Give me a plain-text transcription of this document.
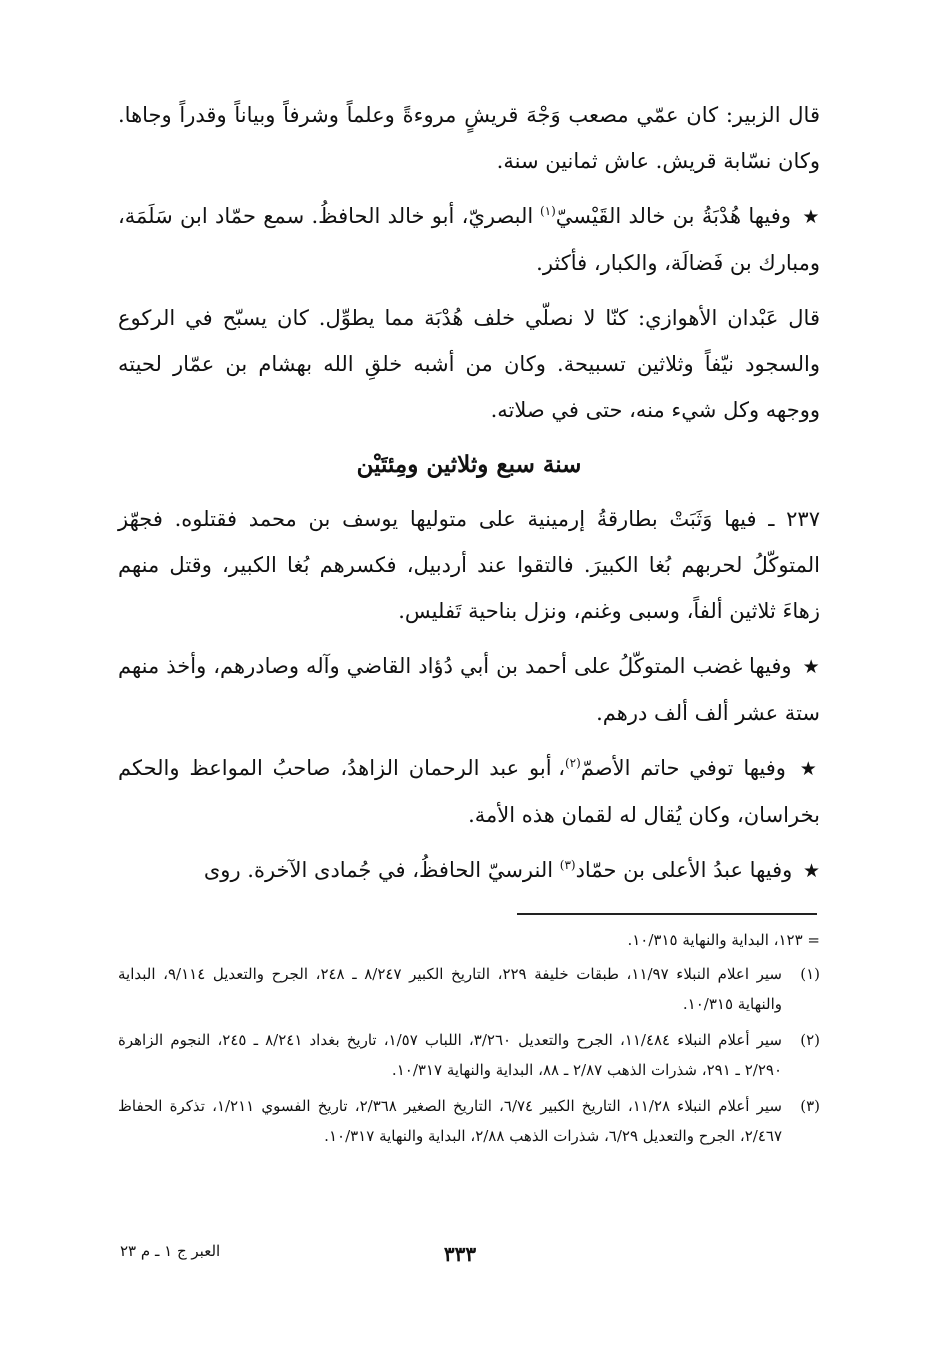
قال الزبير: كان عمّي مصعب وَجْهَ قريشٍ مروءةً وعلماً وشرفاً وبياناً وقدراً وجاها. وكان نسّابة قريش. عاش ثمانين سنة.

★ وفيها هُدْبَةُ بن خالد القَيْسيّ$^{(١)}$ البصريّ، أبو خالد الحافظُ. سمع حمّاد ابن سَلَمَة، ومبارك بن فَضالَة، والكبار، فأكثر.

قال عَبْدان الأهوازي: كنّا لا نصلّي خلف هُدْبَة مما يطوِّل. كان يسبّح في الركوع والسجود نيّفاً وثلاثين تسبيحة. وكان من أشبه خلقِ الله بهشام بن عمّار لحيته ووجهه وكل شيء منه، حتى في صلاته.

سنة سبع وثلاثين ومِئتَيْن

٢٣٧ ـ فيها وَثَبَتْ بطارقةُ إرمينية على متوليها يوسف بن محمد فقتلوه. فجهّز المتوكّلُ لحربهم بُغا الكبيرَ. فالتقوا عند أردبيل، فكسرهم بُغا الكبير، وقتل منهم زهاءَ ثلاثين ألفاً، وسبى وغنم، ونزل بناحية تَفليس.

★ وفيها غضب المتوكّلُ على أحمد بن أبي دُؤاد القاضي وآله وصادرهم، وأخذ منهم ستة عشر ألف ألف درهم.

★ وفيها توفي حاتم الأصمّ$^{(٢)}$، أبو عبد الرحمان الزاهدُ، صاحبُ المواعظ والحكم بخراسان، وكان يُقال له لقمان هذه الأمة.

★ وفيها عبدُ الأعلى بن حمّاد$^{(٣)}$ النرسيّ الحافظُ، في جُمادى الآخرة. روى

= ١٢٣، البداية والنهاية ١٠/٣١٥.
(١)
سير اعلام النبلاء ١١/٩٧، طبقات خليفة ٢٢٩، التاريخ الكبير ٨/٢٤٧ ـ ٢٤٨، الجرح والتعديل ٩/١١٤، البداية والنهاية ١٠/٣١٥.
(٢)
سير أعلام النبلاء ١١/٤٨٤، الجرح والتعديل ٣/٢٦٠، اللباب ١/٥٧، تاريخ بغداد ٨/٢٤١ ـ ٢٤٥، النجوم الزاهرة ٢/٢٩٠ ـ ٢٩١، شذرات الذهب ٢/٨٧ ـ ٨٨، البداية والنهاية ١٠/٣١٧.
(٣)
سير أعلام النبلاء ١١/٢٨، التاريخ الكبير ٦/٧٤، التاريخ الصغير ٢/٣٦٨، تاريخ الفسوي ١/٢١١، تذكرة الحفاظ ٢/٤٦٧، الجرح والتعديل ٦/٢٩، شذرات الذهب ٢/٨٨، البداية والنهاية ١٠/٣١٧.
٣٣٣
العبر ج ١ ـ م ٢٣
